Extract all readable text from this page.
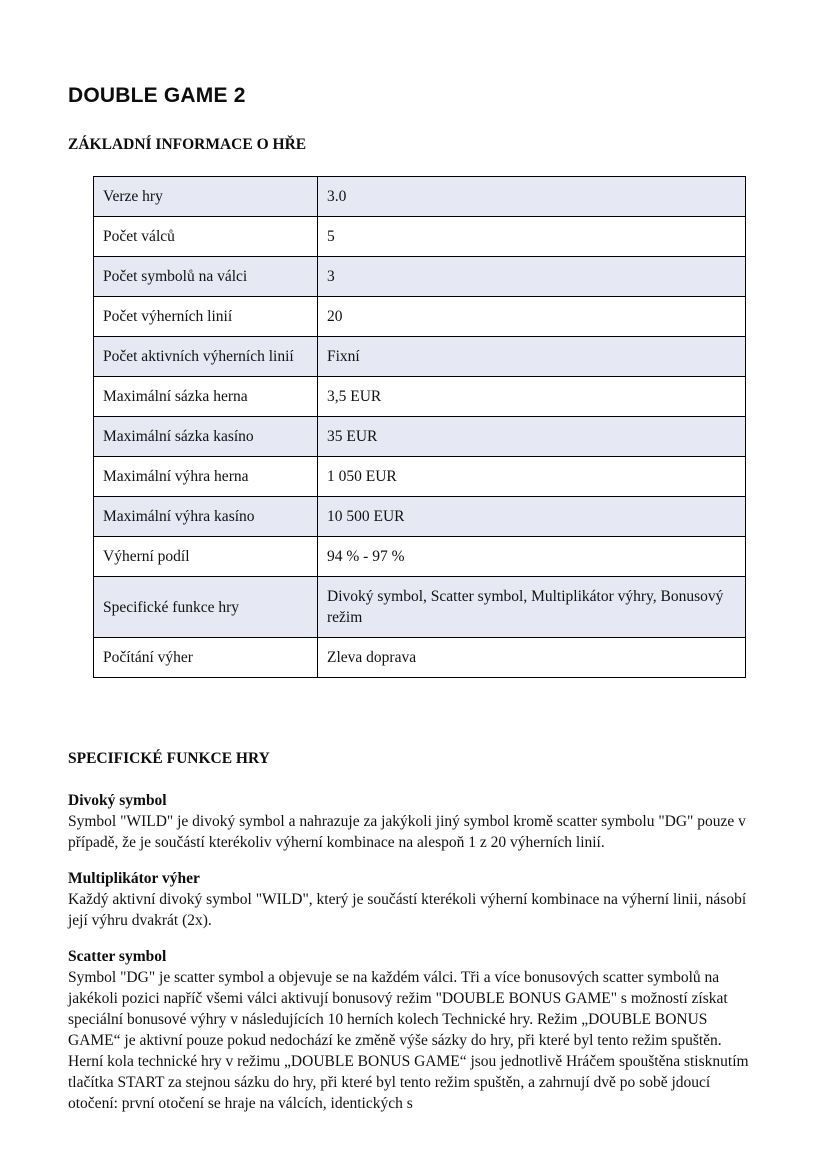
DOUBLE GAME 2
ZÁKLADNÍ INFORMACE O HŘE
Verze hry	3.0
Počet válců	5
Počet symbolů na válci	3
Počet výherních linií	20
Počet aktivních výherních linií	Fixní
Maximální sázka herna	3,5 EUR
Maximální sázka kasíno	35 EUR
Maximální výhra herna	1 050 EUR
Maximální výhra kasíno	10 500 EUR
Výherní podíl	94 % - 97 %
Specifické funkce hry	Divoký symbol, Scatter symbol, Multiplikátor výhry, Bonusový režim
Počítání výher	Zleva doprava
SPECIFICKÉ FUNKCE HRY
Divoký symbol

Symbol "WILD" je divoký symbol a nahrazuje za jakýkoli jiný symbol kromě scatter symbolu "DG" pouze v případě, že je součástí kterékoliv výherní kombinace na alespoň 1 z 20 výherních linií.

Multiplikátor výher

Každý aktivní divoký symbol "WILD", který je součástí kterékoli výherní kombinace na výherní linii, násobí její výhru dvakrát (2x).

Scatter symbol

Symbol "DG" je scatter symbol a objevuje se na každém válci. Tři a více bonusových scatter symbolů na jakékoli pozici napříč všemi válci aktivují bonusový režim "DOUBLE BONUS GAME" s možností získat speciální bonusové výhry v následujících 10 herních kolech Technické hry. Režim „DOUBLE BONUS GAME“ je aktivní pouze pokud nedochází ke změně výše sázky do hry, při které byl tento režim spuštěn. Herní kola technické hry v režimu „DOUBLE BONUS GAME“ jsou jednotlivě Hráčem spouštěna stisknutím tlačítka START za stejnou sázku do hry, při které byl tento režim spuštěn, a zahrnují dvě po sobě jdoucí otočení: první otočení se hraje na válcích, identických s
